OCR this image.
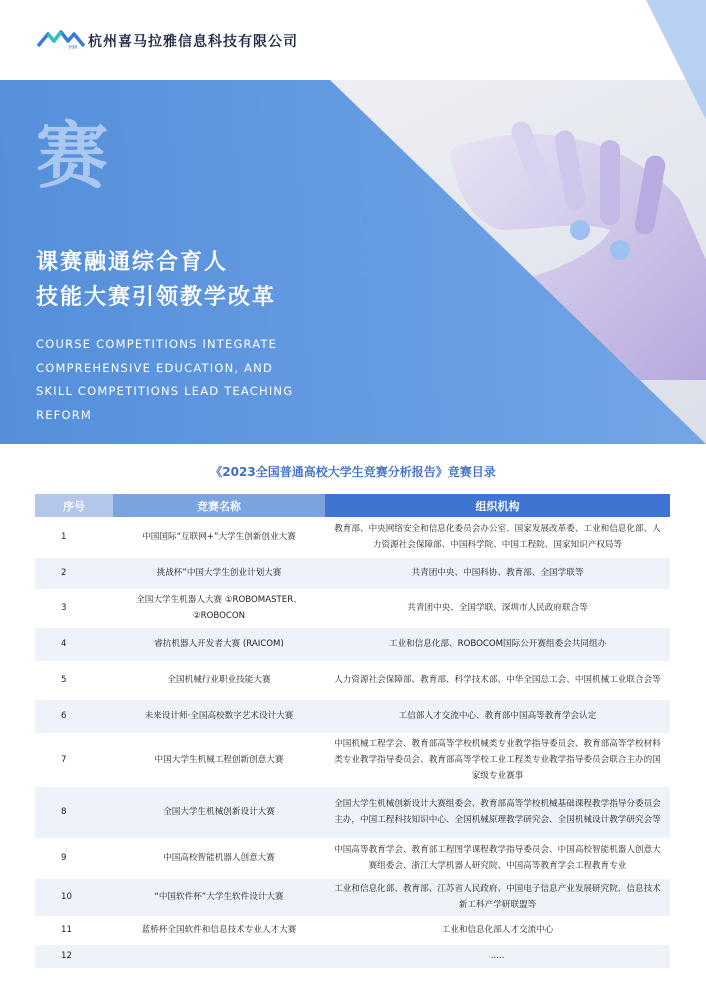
HM 杭州喜马拉雅信息科技有限公司
赛
课赛融通综合育人
技能大赛引领教学改革
COURSE COMPETITIONS INTEGRATE COMPREHENSIVE EDUCATION, AND SKILL COMPETITIONS LEAD TEACHING REFORM
《2023全国普通高校大学生竞赛分析报告》竞赛目录
序号	竞赛名称	组织机构
1	中国国际“互联网+”大学生创新创业大赛	教育部、中央网络安全和信息化委员会办公室、国家发展改革委、工业和信息化部、人力资源社会保障部、中国科学院、中国工程院、国家知识产权局等
2	挑战杯”中国大学生创业计划大赛	共青团中央、中国科协、教育部、全国学联等
3	全国大学生机器人大赛 ①ROBOMASTER、②ROBOCON	共青团中央、全国学联、深圳市人民政府联合等
4	睿抗机器人开发者大赛 (RAICOM)	工业和信息化部、ROBOCOM国际公开赛组委会共同组办
5	全国机械行业职业技能大赛	人力资源社会保障部、教育部、科学技术部、中华全国总工会、中国机械工业联合会等
6	未来设计师·全国高校数字艺术设计大赛	工信部人才交流中心、教育部中国高等教育学会认定
7	中国大学生机械工程创新创意大赛	中国机械工程学会、教育部高等学校机械类专业教学指导委员会、教育部高等学校材料类专业教学指导委员会、教育部高等学校工业工程类专业教学指导委员会联合主办的国家级专业赛事
8	全国大学生机械创新设计大赛	全国大学生机械创新设计大赛组委会、教育部高等学校机械基础课程教学指导分委员会主办，中国工程科技知识中心、全国机械原理教学研究会、全国机械设计教学研究会等
9	中国高校智能机器人创意大赛	中国高等教育学会、教育部工程图学课程教学指导委员会、中国高校智能机器人创意大赛组委会、浙江大学机器人研究院、中国高等教育学会工程教育专业
10	“中国软件杯”大学生软件设计大赛	工业和信息化部、教育部、江苏省人民政府、中国电子信息产业发展研究院、信息技术新工科产学研联盟等
11	蓝桥杯全国软件和信息技术专业人才大赛	工业和信息化部人才交流中心
12		.....
